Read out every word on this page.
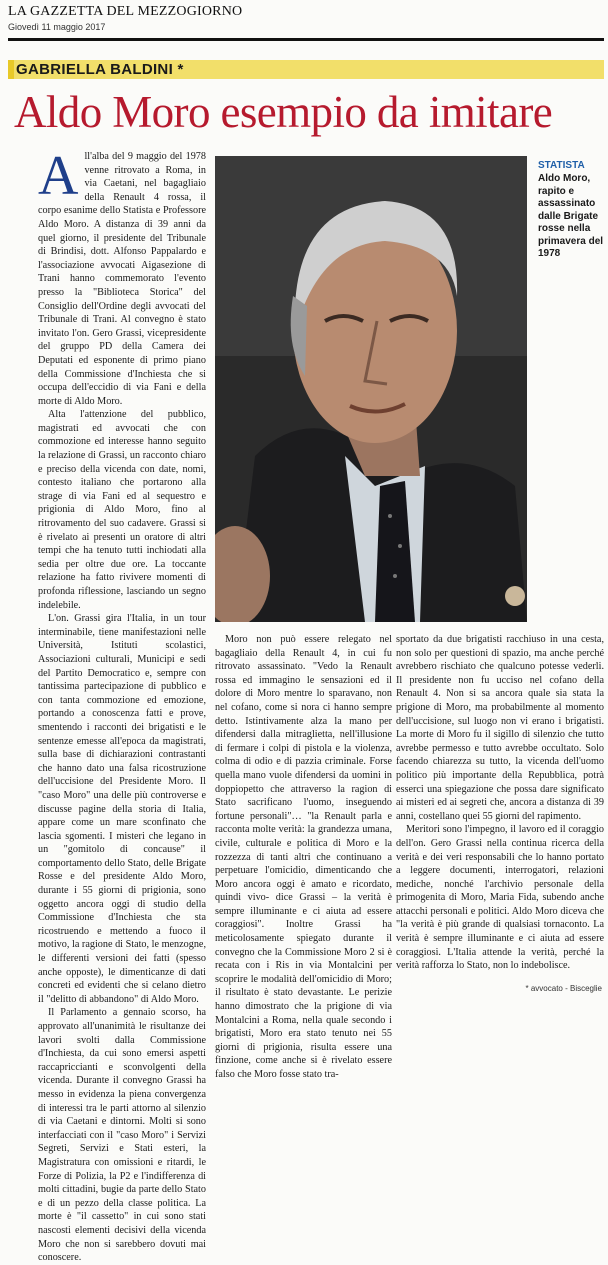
LA GAZZETTA DEL MEZZOGIORNO
Giovedì 11 maggio 2017
GABRIELLA BALDINI *
Aldo Moro esempio da imitare
A ll'alba del 9 maggio del 1978 venne ritrovato a Roma, in via Caetani, nel bagagliaio della Renault 4 rossa, il corpo esanime dello Statista e Professore Aldo Moro. A distanza di 39 anni da quel giorno, il presidente del Tribunale di Brindisi, dott. Alfonso Pappalardo e l'associazione avvocati Aigasezione di Trani hanno commemorato l'evento presso la "Biblioteca Storica" del Consiglio dell'Ordine degli avvocati del Tribunale di Trani. Al convegno è stato invitato l'on. Gero Grassi, vicepresidente del gruppo PD della Camera dei Deputati ed esponente di primo piano della Commissione d'Inchiesta che si occupa dell'eccidio di via Fani e della morte di Aldo Moro.

Alta l'attenzione del pubblico, magistrati ed avvocati che con commozione ed interesse hanno seguito la relazione di Grassi, un racconto chiaro e preciso della vicenda con date, nomi, contesto italiano che portarono alla strage di via Fani ed al sequestro e prigionia di Aldo Moro, fino al ritrovamento del suo cadavere. Grassi si è rivelato ai presenti un oratore di altri tempi che ha tenuto tutti inchiodati alla sedia per oltre due ore. La toccante relazione ha fatto rivivere momenti di profonda riflessione, lasciando un segno indelebile.

L'on. Grassi gira l'Italia, in un tour interminabile, tiene manifestazioni nelle Università, Istituti scolastici, Associazioni culturali, Municipi e sedi del Partito Democratico e, sempre con tantissima partecipazione di pubblico e con tanta commozione ed emozione, portando a conoscenza fatti e prove, smentendo i racconti dei brigatisti e le sentenze emesse all'epoca da magistrati, sulla base di dichiarazioni contrastanti che hanno dato una falsa ricostruzione dell'uccisione del Presidente Moro. Il "caso Moro" una delle più controverse e discusse pagine della storia di Italia, appare come un mare sconfinato che lascia sgomenti. I misteri che legano in un "gomitolo di concause" il comportamento dello Stato, delle Brigate Rosse e del presidente Aldo Moro, durante i 55 giorni di prigionia, sono oggetto ancora oggi di studio della Commissione d'Inchiesta che sta ricostruendo e mettendo a fuoco il motivo, la ragione di Stato, le menzogne, le differenti versioni dei fatti (spesso anche opposte), le dimenticanze di dati concreti ed evidenti che si celano dietro il "delitto di abbandono" di Aldo Moro.

Il Parlamento a gennaio scorso, ha approvato all'unanimità le risultanze dei lavori svolti dalla Commissione d'Inchiesta, da cui sono emersi aspetti raccapriccianti e sconvolgenti della vicenda. Durante il convegno Grassi ha messo in evidenza la piena convergenza di interessi tra le parti attorno al silenzio di via Caetani e dintorni. Molti si sono interfacciati con il "caso Moro" i Servizi Segreti, Servizi e Stati esteri, la Magistratura con omissioni e ritardi, le Forze di Polizia, la P2 e l'indifferenza di molti cittadini, bugie da parte dello Stato e di un pezzo della classe politica. La morte è "il cassetto" in cui sono stati nascosti elementi decisivi della vicenda Moro che non si sarebbero dovuti mai conoscere.

STATISTA
Aldo Moro, rapito e assassinato dalle Brigate rosse nella primavera del 1978

Moro non può essere relegato nel bagagliaio della Renault 4, in cui fu ritrovato assassinato. "Vedo la Renault rossa ed immagino le sensazioni ed il dolore di Moro mentre lo sparavano, non nel cofano, come si nora ci hanno sempre detto. Istintivamente alza la mano per difendersi dalla mitraglietta, nell'illusione di fermare i colpi di pistola e la violenza, colma di odio e di pazzia criminale. Forse quella mano vuole difendersi da uomini in doppiopetto che attraverso la ragion di Stato sacrificano l'uomo, inseguendo fortune personali"… "la Renault parla e racconta molte verità: la grandezza umana, civile, culturale e politica di Moro e la rozzezza di tanti altri che continuano a perpetuare l'omicidio, dimenticando che Moro ancora oggi è amato e ricordato, quindi vivo- dice Grassi – la verità è sempre illuminante e ci aiuta ad essere coraggiosi". Inoltre Grassi ha meticolosamente spiegato durante il convegno che la Commissione Moro 2 si è recata con i Ris in via Montalcini per scoprire le modalità dell'omicidio di Moro; il risultato è stato devastante. Le perizie hanno dimostrato che la prigione di via Montalcini a Roma, nella quale secondo i brigatisti, Moro era stato tenuto nei 55 giorni di prigionia, risulta essere una finzione, come anche si è rivelato essere falso che Moro fosse stato tra-

sportato da due brigatisti racchiuso in una cesta, non solo per questioni di spazio, ma anche perché avrebbero rischiato che qualcuno potesse vederli. Il presidente non fu ucciso nel cofano della Renault 4. Non si sa ancora quale sia stata la prigione di Moro, ma probabilmente al momento dell'uccisione, sul luogo non vi erano i brigatisti. La morte di Moro fu il sigillo di silenzio che tutto avrebbe permesso e tutto avrebbe occultato. Solo facendo chiarezza su tutto, la vicenda dell'uomo politico più importante della Repubblica, potrà esserci una spiegazione che possa dare significato ai misteri ed ai segreti che, ancora a distanza di 39 anni, costellano quei 55 giorni del rapimento.

Meritori sono l'impegno, il lavoro ed il coraggio dell'on. Gero Grassi nella continua ricerca della verità e dei veri responsabili che lo hanno portato a leggere documenti, interrogatori, relazioni mediche, nonché l'archivio personale della primogenita di Moro, Maria Fida, subendo anche attacchi personali e politici. Aldo Moro diceva che "la verità è più grande di qualsiasi tornaconto. La verità è sempre illuminante e ci aiuta ad essere coraggiosi. L'Italia attende la verità, perché la verità rafforza lo Stato, non lo indebolisce.

* avvocato - Bisceglie
